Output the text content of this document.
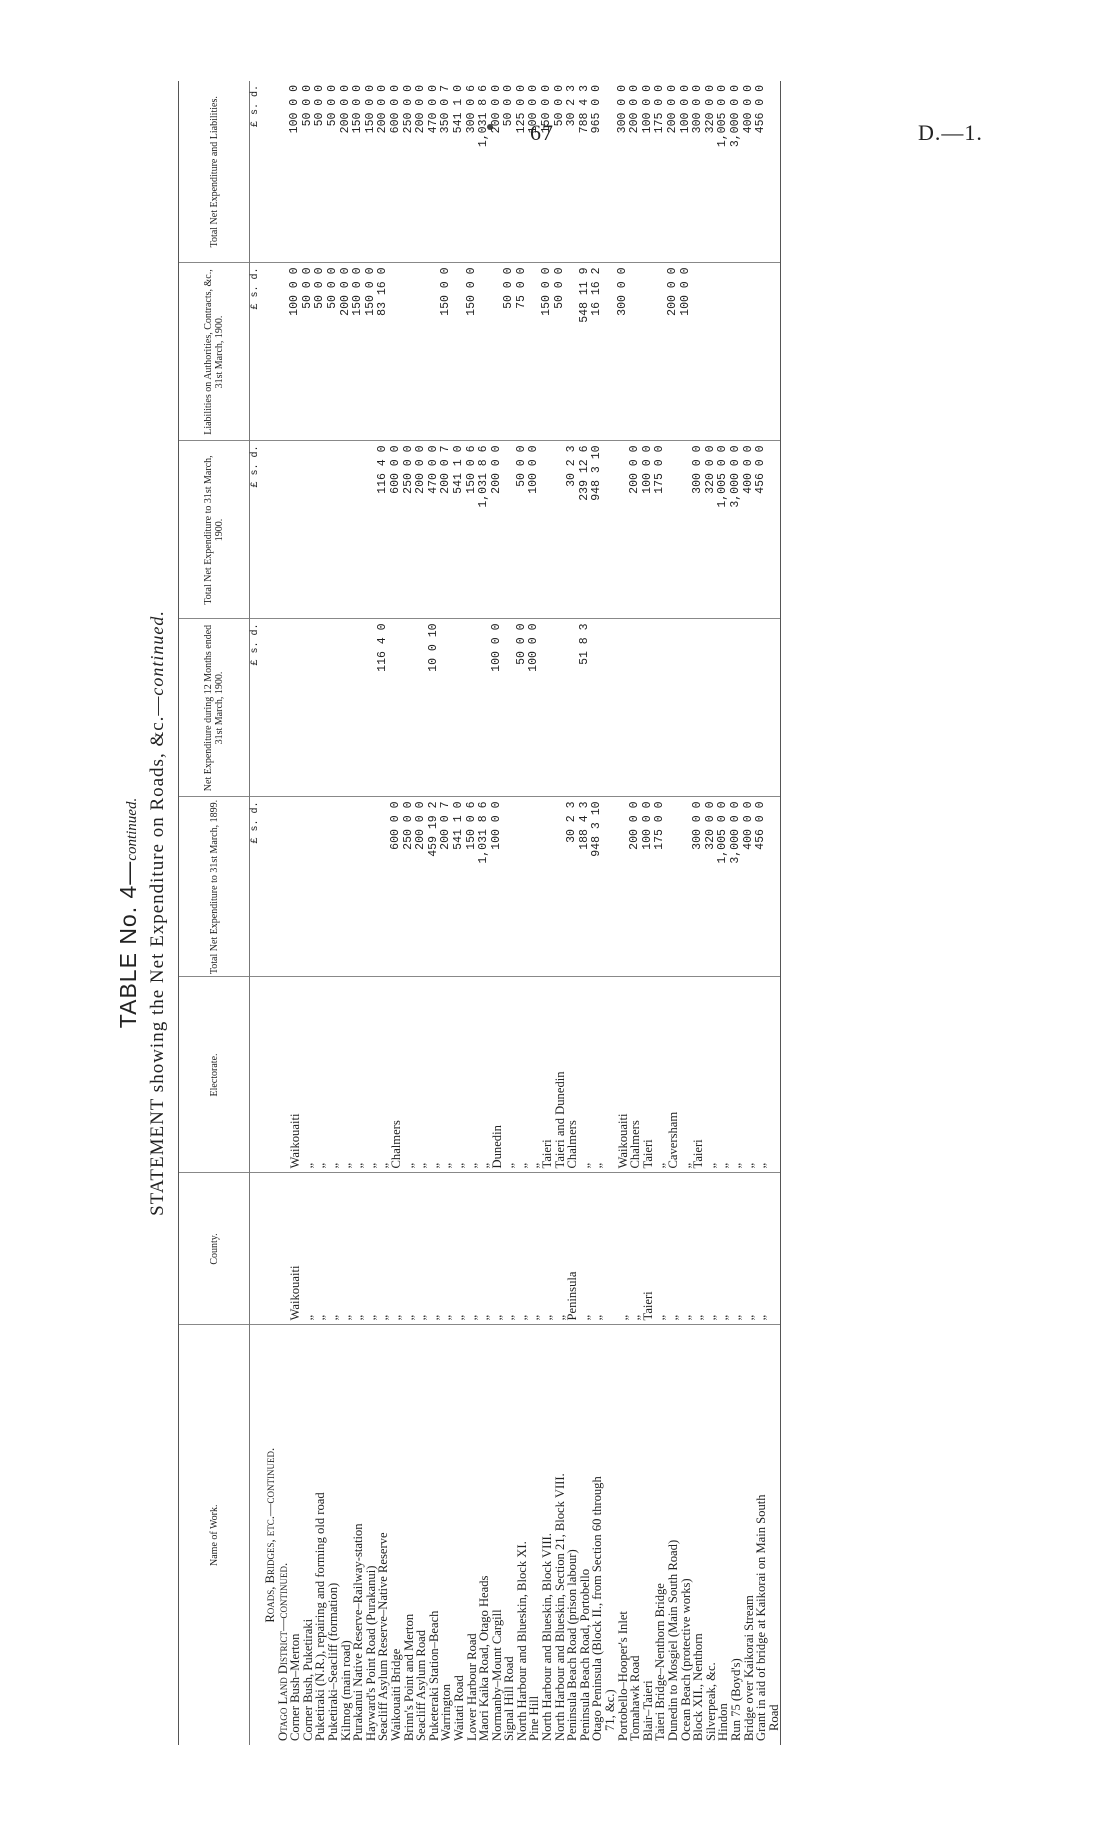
67	D.—1.
TABLE No. 4—continued. STATEMENT showing the Net Expenditure on Roads, &c.—continued.
Name of Work.	County.	Electorate.	Total Net Expenditure to 31st March, 1899.	Net Expenditure during 12 Months ended 31st March, 1900.	Total Net Expenditure to 31st March, 1900.	Liabilities on Authorities, Contracts, &c., 31st March, 1900.	Total Net Expenditure and Liabilities.
			£ s. d.	£ s. d.	£ s. d.	£ s. d.	£ s. d.
Roads, Bridges, etc.—continued.							
Otago Land District—continued.							
Corner Bush–Merton	Waikouaiti	Waikouaiti				100 0 0	100 0 0
Corner Bush, Puketiraki	„	„				50 0 0	50 0 0
Puketiraki (N.R.), repairing and forming old road	„	„				50 0 0	50 0 0
Puketiraki–Seacliff (formation)	„	„				50 0 0	50 0 0
Kilmog (main road)	„	„				200 0 0	200 0 0
Purakanui Native Reserve–Railway-station	„	„				150 0 0	150 0 0
Hayward's Point Road (Purakanui)	„	„				150 0 0	150 0 0
Seacliff Asylum Reserve–Native Reserve	„	„		116 4 0	116 4 0	83 16 0	200 0 0
Waikouaiti Bridge	„	Chalmers	600 0 0		600 0 0		600 0 0
Brinn's Point and Merton	„	„	250 0 0		250 0 0		250 0 0
Seacliff Asylum Road	„	„	200 0 0		200 0 0		200 0 0
Puketeraki Station–Beach	„	„	459 19 2	10 0 10	470 0 0		470 0 0
Warrington	„	„	200 0 7		200 0 7	150 0 0	350 0 7
Waitati Road	„	„	541 1 0		541 1 0		541 1 0
Lower Harbour Road	„	„	150 0 6		150 0 6	150 0 0	300 0 6
Maori Kaika Road, Otago Heads	„	„	1,031 8 6		1,031 8 6		1,031 8 6
Normanby–Mount Cargill	„	Dunedin	100 0 0	100 0 0	200 0 0		200 0 0
Signal Hill Road	„	„				50 0 0	50 0 0
North Harbour and Blueskin, Block XI.	„	„		50 0 0	50 0 0	75 0 0	125 0 0
Pine Hill	„	„		100 0 0	100 0 0		100 0 0
North Harbour and Blueskin, Block VIII.	„	Taieri				150 0 0	150 0 0
North Harbour and Blueskin, Section 21, Block VIII.	„	Taieri and Dunedin				50 0 0	50 0 0
Peninsula Beach Road (prison labour)	Peninsula	Chalmers	30 2 3		30 2 3		30 2 3
Peninsula Beach Road, Portobello	„	„	188 4 3	51 8 3	239 12 6	548 11 9	788 4 3
Otago Peninsula (Block II., from Section 60 through	„	„	948 3 10		948 3 10	16 16 2	965 0 0
71, &c.)							
Portobello–Hooper's Inlet	„	Waikouaiti				300 0 0	300 0 0
Tomahawk Road	„	Chalmers	200 0 0		200 0 0		200 0 0
Blair–Taieri	Taieri	Taieri	100 0 0		100 0 0		100 0 0
Taieri Bridge–Nenthorn Bridge	„	„	175 0 0		175 0 0		175 0 0
Dunedin to Mosgiel (Main South Road)	„	Caversham				200 0 0	200 0 0
Ocean Beach (protective works)	„	„				100 0 0	100 0 0
Block XII., Nenthorn	„	Taieri	300 0 0		300 0 0		300 0 0
Silverpeak, &c.	„	„	320 0 0		320 0 0		320 0 0
Hindon	„	„	1,005 0 0		1,005 0 0		1,005 0 0
Run 75 (Boyd's)	„	„	3,000 0 0		3,000 0 0		3,000 0 0
Bridge over Kaikorai Stream	„	„	400 0 0		400 0 0		400 0 0
Grant in aid of bridge at Kaikorai on Main South	„	„	456 0 0		456 0 0		456 0 0
Road							
